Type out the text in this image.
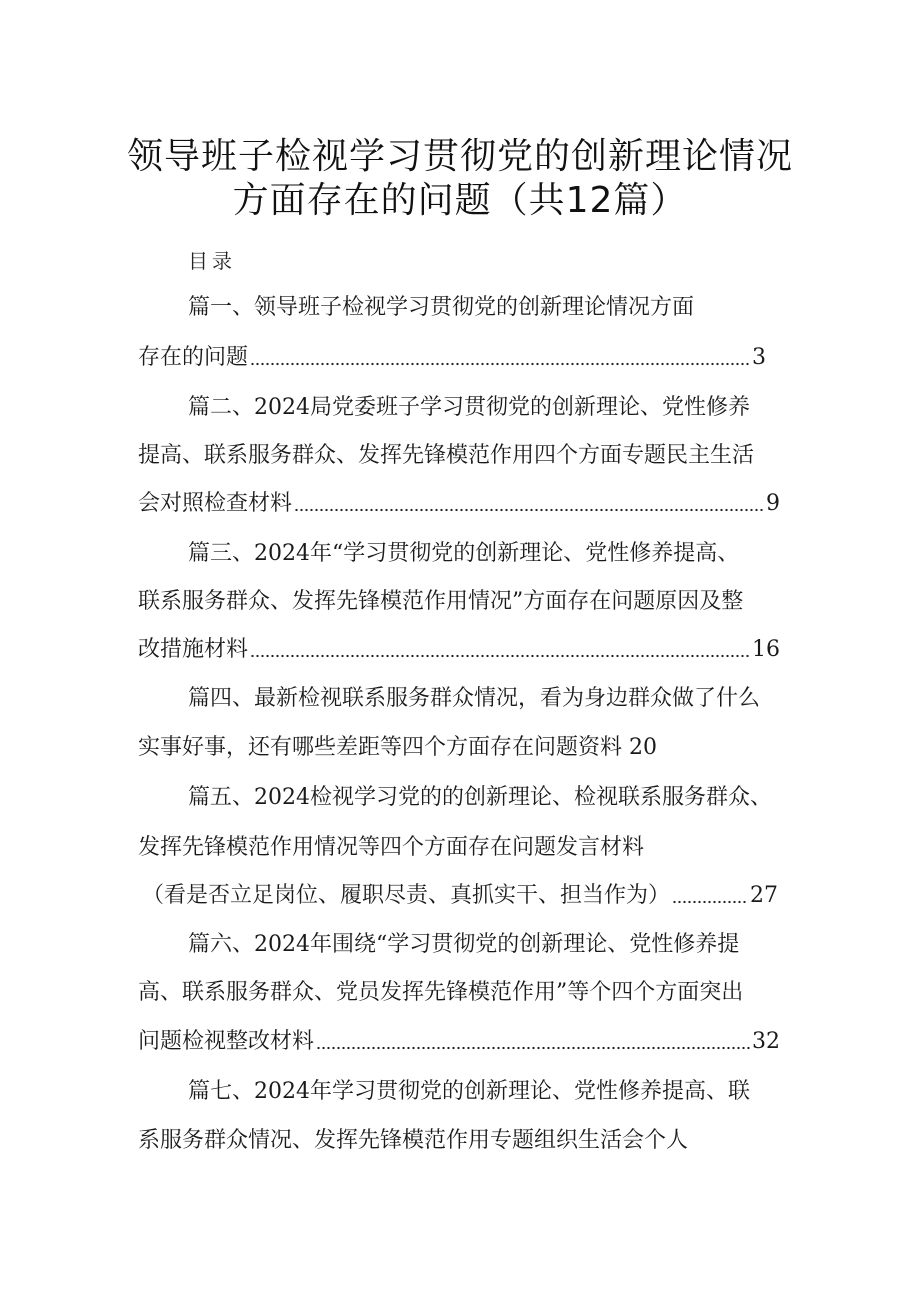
领导班子检视学习贯彻党的创新理论情况
方面存在的问题（共12篇）
目录
篇一、领导班子检视学习贯彻党的创新理论情况方面
存在的问题	3
篇二、2024局党委班子学习贯彻党的创新理论、党性修养
提高、联系服务群众、发挥先锋模范作用四个方面专题民主生活
会对照检查材料	9
篇三、2024年“学习贯彻党的创新理论、党性修养提高、
联系服务群众、发挥先锋模范作用情况”方面存在问题原因及整
改措施材料	16
篇四、最新检视联系服务群众情况，看为身边群众做了什么
实事好事，还有哪些差距等四个方面存在问题资料 20
篇五、2024检视学习党的的创新理论、检视联系服务群众、
发挥先锋模范作用情况等四个方面存在问题发言材料
（看是否立足岗位、履职尽责、真抓实干、担当作为）	27
篇六、2024年围绕“学习贯彻党的创新理论、党性修养提
高、联系服务群众、党员发挥先锋模范作用”等个四个方面突出
问题检视整改材料	32
篇七、2024年学习贯彻党的创新理论、党性修养提高、联
系服务群众情况、发挥先锋模范作用专题组织生活会个人
